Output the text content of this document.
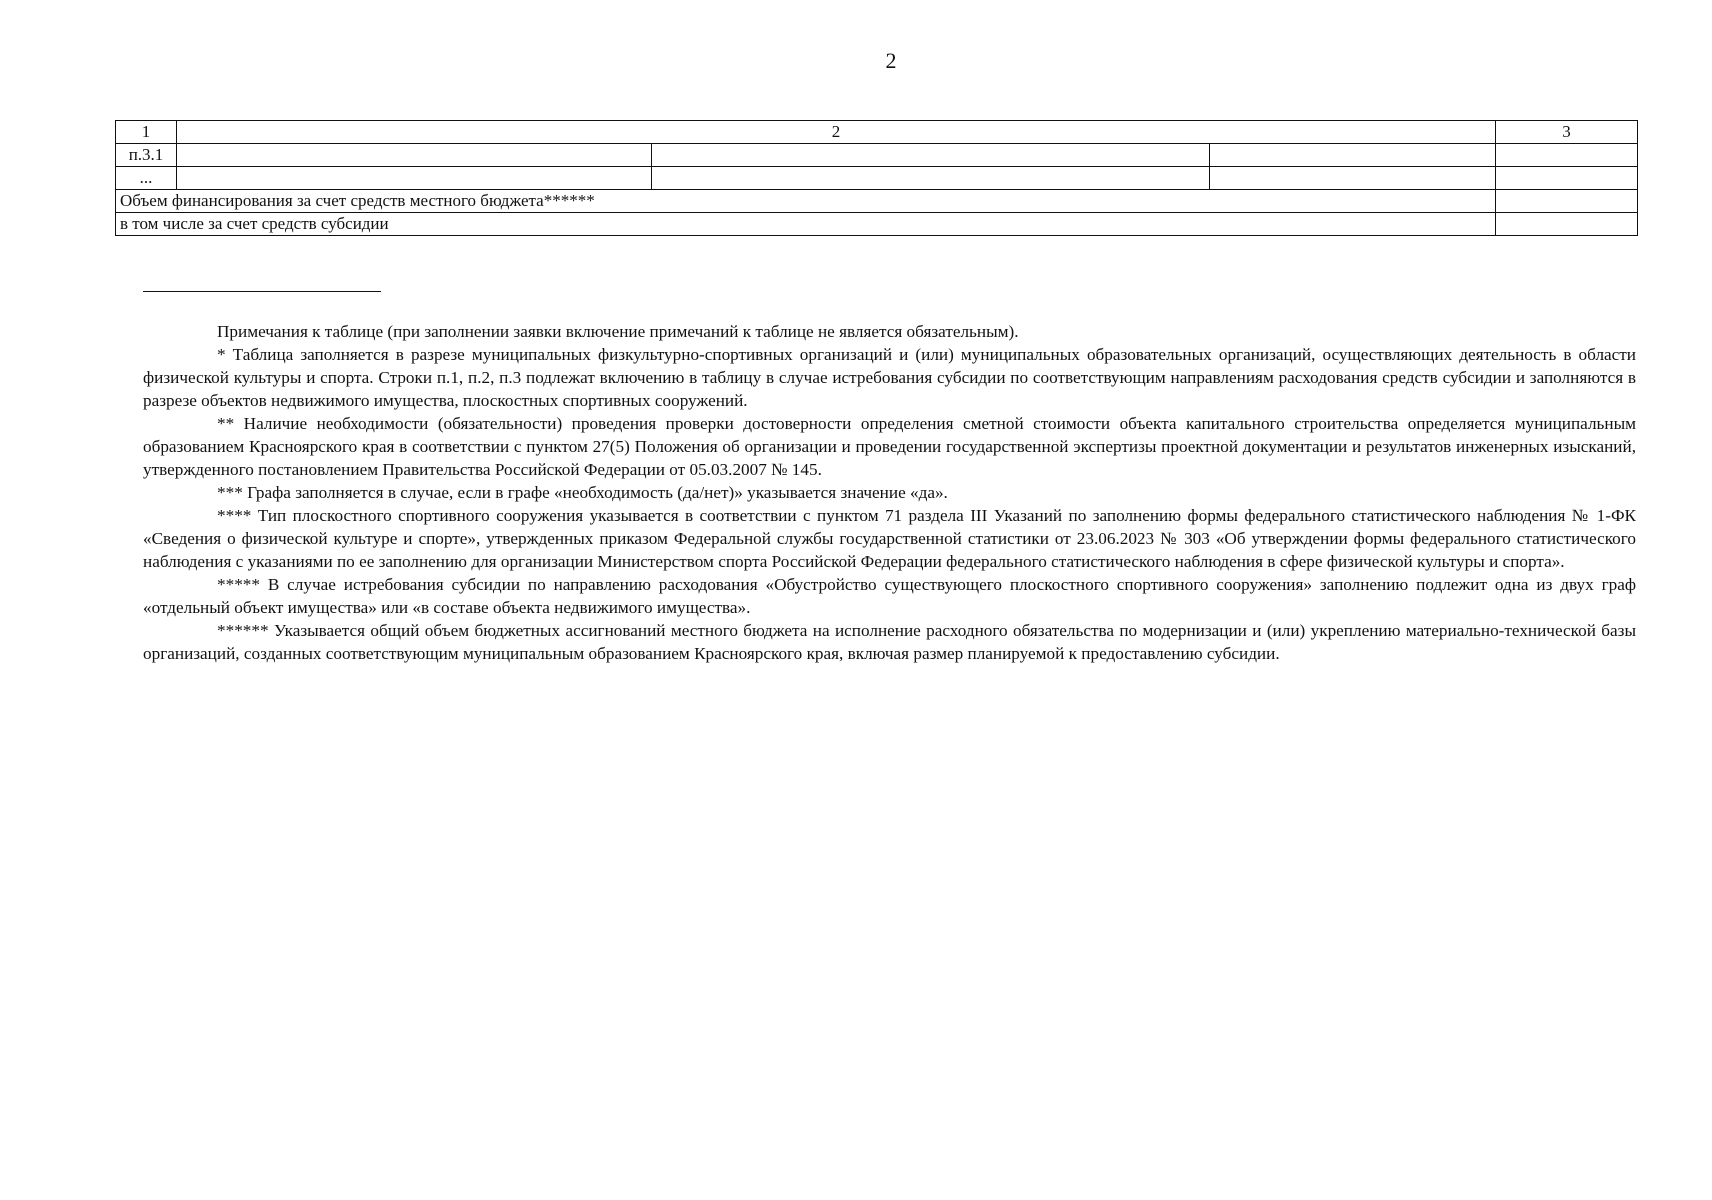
2
1	2			3
п.3.1				
...				
Объем финансирования за счет средств местного бюджета******				
в том числе за счет средств субсидии				

Примечания к таблице (при заполнении заявки включение примечаний к таблице не является обязательным).

* Таблица заполняется в разрезе муниципальных физкультурно-спортивных организаций и (или) муниципальных образовательных организаций, осуществляющих деятельность в области физической культуры и спорта. Строки п.1, п.2, п.3 подлежат включению в таблицу в случае истребования субсидии по соответствующим направлениям расходования средств субсидии и заполняются в разрезе объектов недвижимого имущества, плоскостных спортивных сооружений.

** Наличие необходимости (обязательности) проведения проверки достоверности определения сметной стоимости объекта капитального строительства определяется муниципальным образованием Красноярского края в соответствии с пунктом 27(5) Положения об организации и проведении государственной экспертизы проектной документации и результатов инженерных изысканий, утвержденного постановлением Правительства Российской Федерации от 05.03.2007 № 145.

*** Графа заполняется в случае, если в графе «необходимость (да/нет)» указывается значение «да».

**** Тип плоскостного спортивного сооружения указывается в соответствии с пунктом 71 раздела III Указаний по заполнению формы федерального статистического наблюдения № 1-ФК «Сведения о физической культуре и спорте», утвержденных приказом Федеральной службы государственной статистики от 23.06.2023 № 303 «Об утверждении формы федерального статистического наблюдения с указаниями по ее заполнению для организации Министерством спорта Российской Федерации федерального статистического наблюдения в сфере физической культуры и спорта».

***** В случае истребования субсидии по направлению расходования «Обустройство существующего плоскостного спортивного сооружения» заполнению подлежит одна из двух граф «отдельный объект имущества» или «в составе объекта недвижимого имущества».

****** Указывается общий объем бюджетных ассигнований местного бюджета на исполнение расходного обязательства по модернизации и (или) укреплению материально-технической базы организаций, созданных соответствующим муниципальным образованием Красноярского края, включая размер планируемой к предоставлению субсидии.
